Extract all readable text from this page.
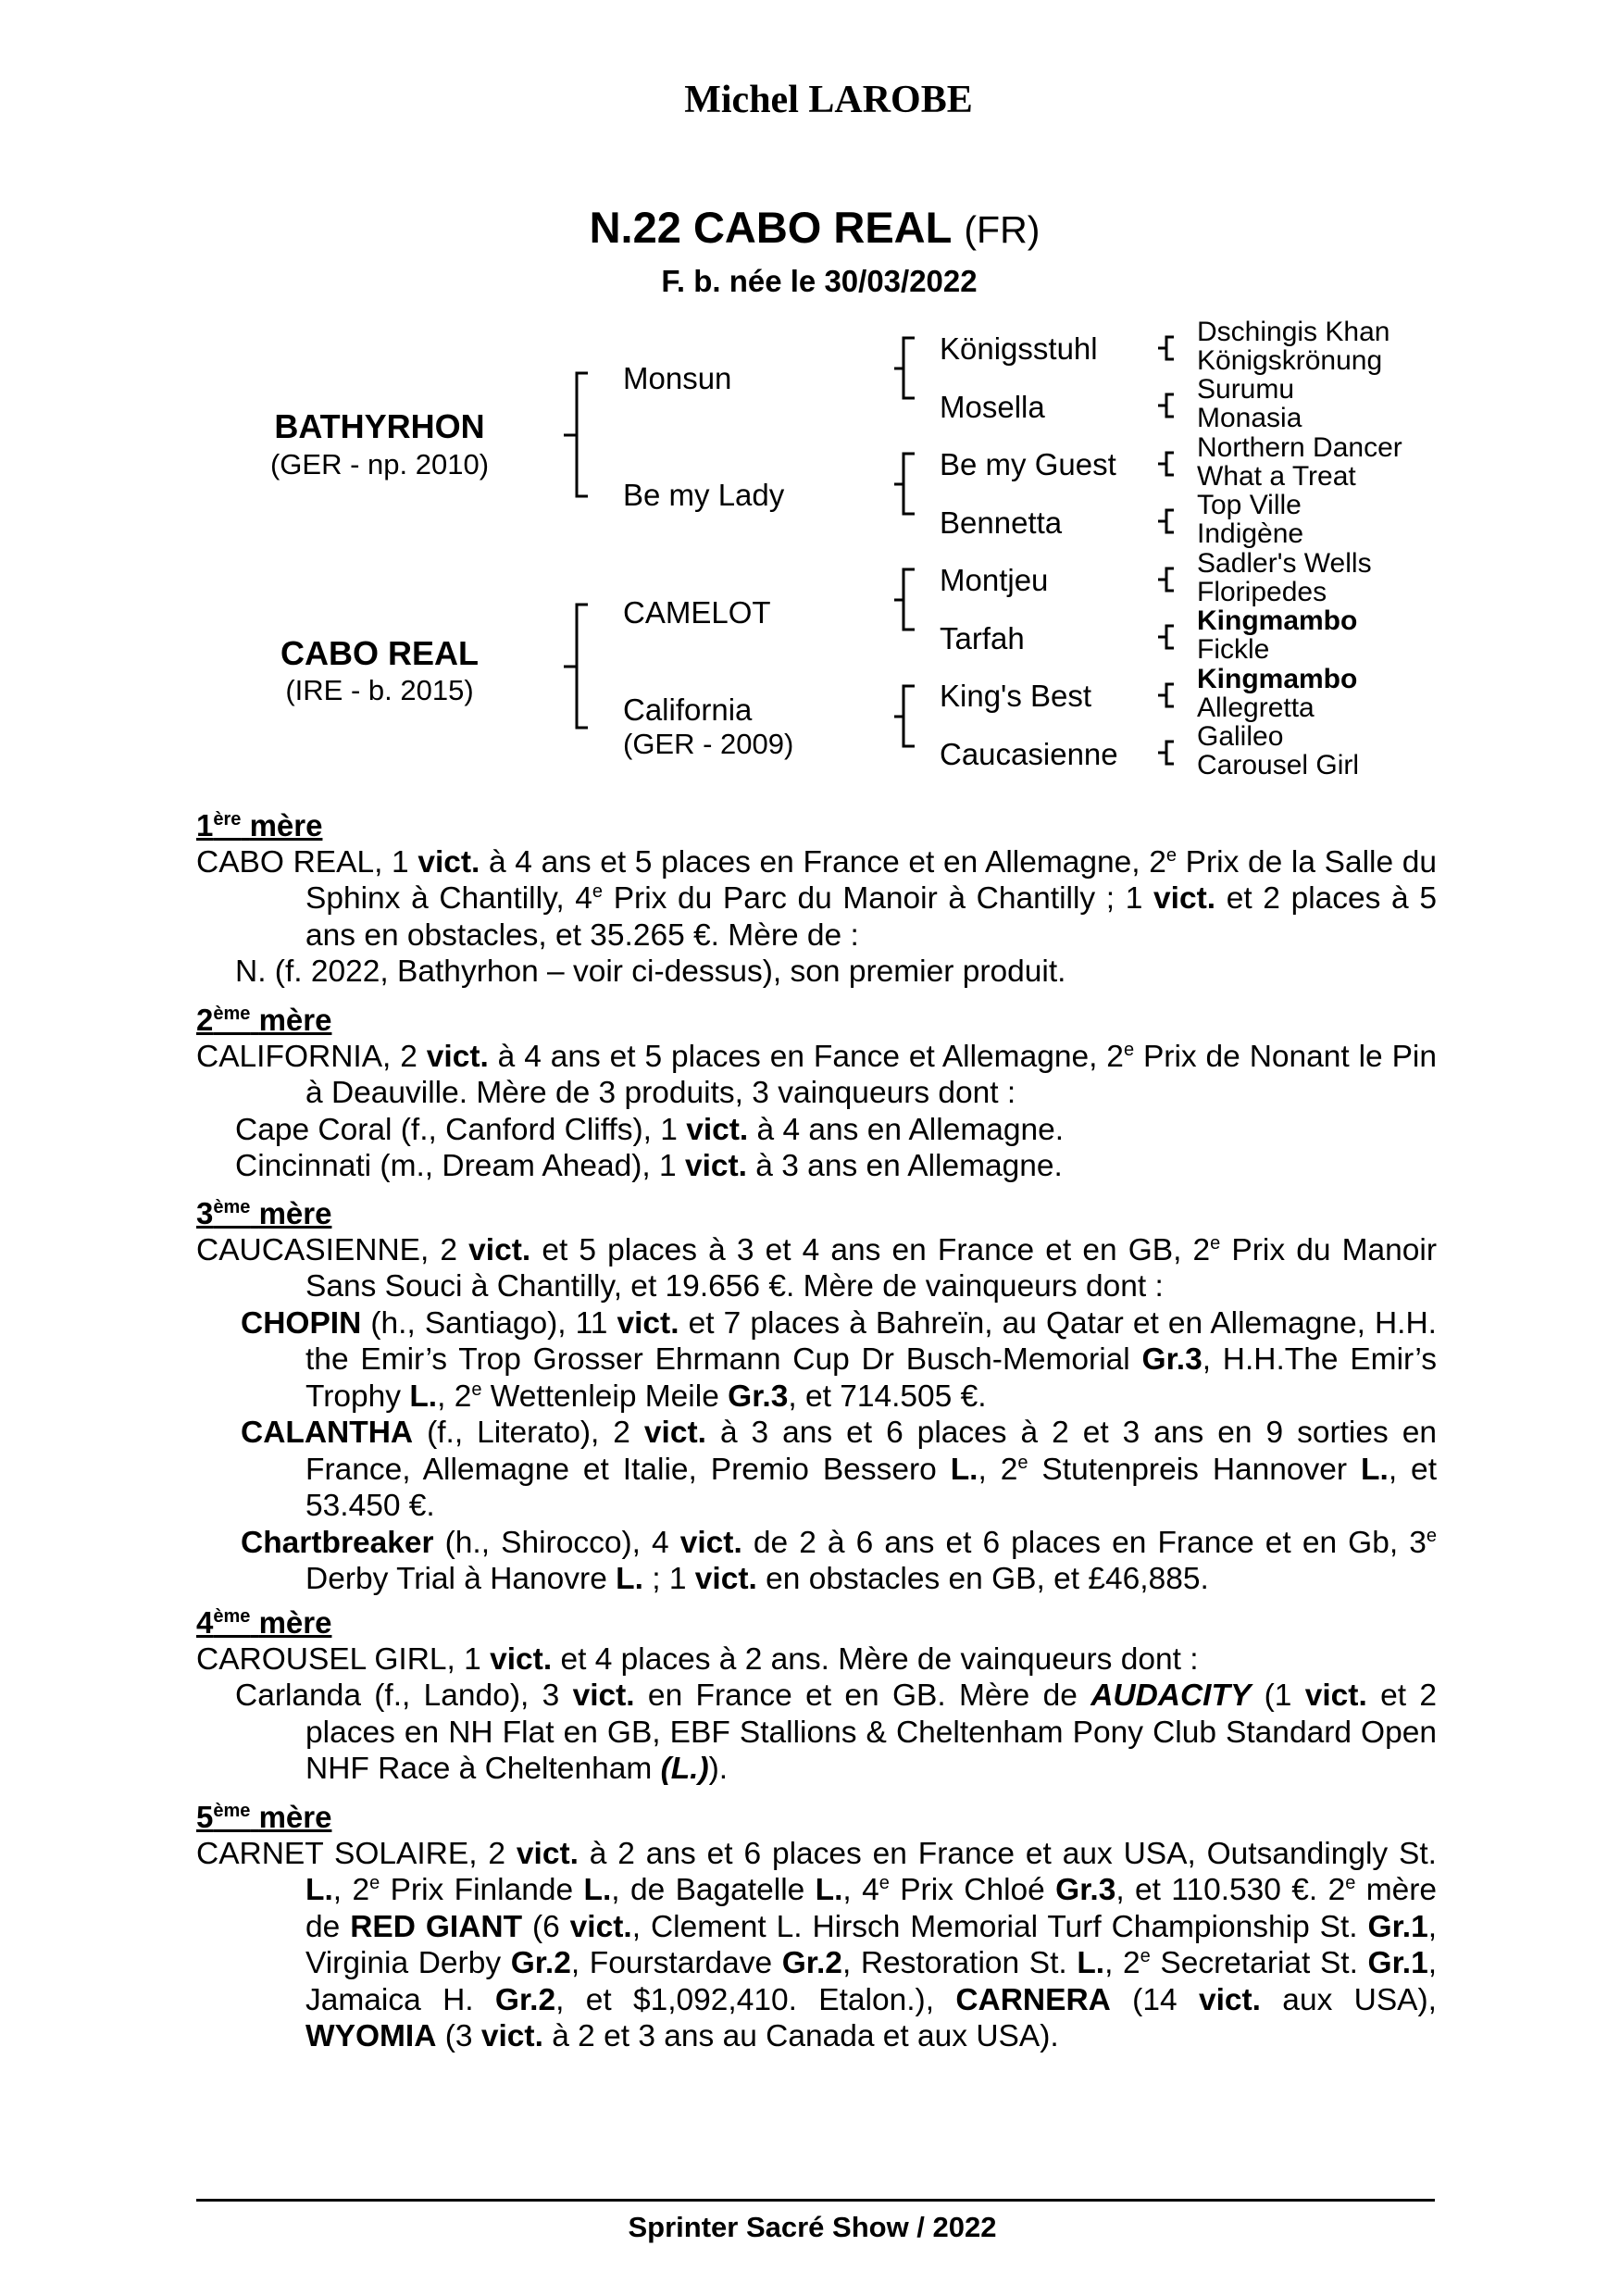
Michel LAROBE
N.22 CABO REAL (FR)
F. b. née le 30/03/2022
BATHYRHON
(GER - np. 2010)
CABO REAL
(IRE - b. 2015)
Monsun
Be my Lady
CAMELOT
California
(GER - 2009)
Königsstuhl
Mosella
Be my Guest
Bennetta
Montjeu
Tarfah
King's Best
Caucasienne
Dschingis Khan
Königskrönung
Surumu
Monasia
Northern Dancer
What a Treat
Top Ville
Indigène
Sadler's Wells
Floripedes
Kingmambo
Fickle
Kingmambo
Allegretta
Galileo
Carousel Girl
1ère mère

CABO REAL, 1 vict. à 4 ans et 5 places en France et en Allemagne, 2e Prix de la Salle du Sphinx à Chantilly, 4e Prix du Parc du Manoir à Chantilly ; 1 vict. et 2 places à 5 ans en obstacles, et 35.265 €. Mère de :

N. (f. 2022, Bathyrhon – voir ci-dessus), son premier produit.

2ème mère

CALIFORNIA, 2 vict. à 4 ans et 5 places en Fance et Allemagne, 2e Prix de Nonant le Pin à Deauville. Mère de 3 produits, 3 vainqueurs dont :

Cape Coral (f., Canford Cliffs), 1 vict. à 4 ans en Allemagne.

Cincinnati (m., Dream Ahead), 1 vict. à 3 ans en Allemagne.

3ème mère

CAUCASIENNE, 2 vict. et 5 places à 3 et 4 ans en France et en GB, 2e Prix du Manoir Sans Souci à Chantilly, et 19.656 €. Mère de vainqueurs dont :

CHOPIN (h., Santiago), 11 vict. et 7 places à Bahreïn, au Qatar et en Allemagne, H.H. the Emir’s Trop Grosser Ehrmann Cup Dr Busch-Memorial Gr.3, H.H.The Emir’s Trophy L., 2e Wettenleip Meile Gr.3, et 714.505 €.

CALANTHA (f., Literato), 2 vict. à 3 ans et 6 places à 2 et 3 ans en 9 sorties en France, Allemagne et Italie, Premio Bessero L., 2e Stutenpreis Hannover L., et 53.450 €.

Chartbreaker (h., Shirocco), 4 vict. de 2 à 6 ans et 6 places en France et en Gb, 3e Derby Trial à Hanovre L. ; 1 vict. en obstacles en GB, et £46,885.

4ème mère

CAROUSEL GIRL, 1 vict. et 4 places à 2 ans. Mère de vainqueurs dont :

Carlanda (f., Lando), 3 vict. en France et en GB. Mère de AUDACITY (1 vict. et 2 places en NH Flat en GB, EBF Stallions & Cheltenham Pony Club Standard Open NHF Race à Cheltenham (L.)).

5ème mère

CARNET SOLAIRE, 2 vict. à 2 ans et 6 places en France et aux USA, Outsandingly St. L., 2e Prix Finlande L., de Bagatelle L., 4e Prix Chloé Gr.3, et 110.530 €. 2e mère de RED GIANT (6 vict., Clement L. Hirsch Memorial Turf Championship St. Gr.1, Virginia Derby Gr.2, Fourstardave Gr.2, Restoration St. L., 2e Secretariat St. Gr.1, Jamaica H. Gr.2, et $1,092,410. Etalon.), CARNERA (14 vict. aux USA), WYOMIA (3 vict. à 2 et 3 ans au Canada et aux USA).

Sprinter Sacré Show / 2022
